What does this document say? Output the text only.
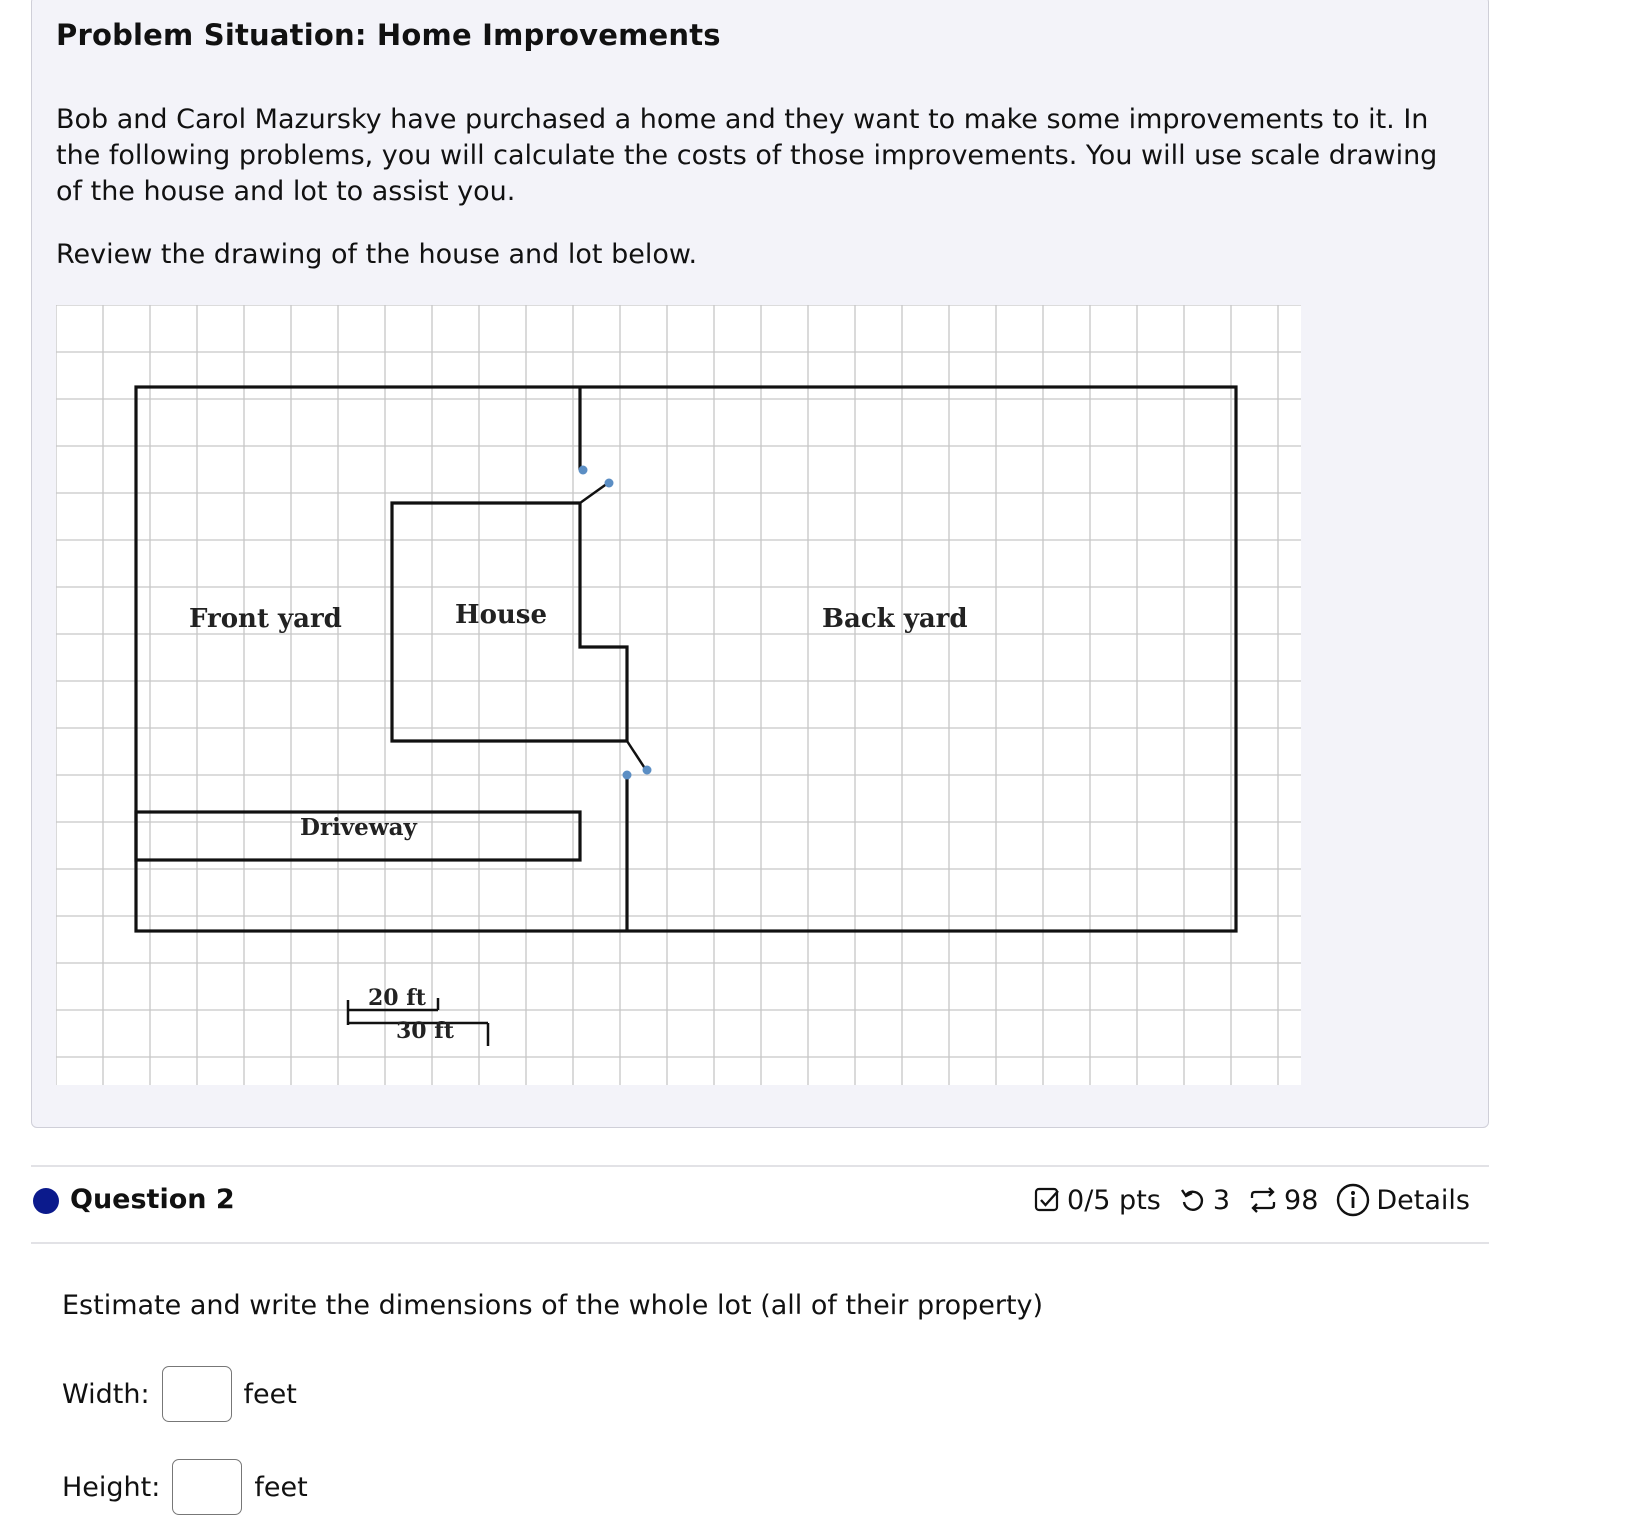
Problem Situation: Home Improvements

Bob and Carol Mazursky have purchased a home and they want to make some improvements to it. In the following problems, you will calculate the costs of those improvements. You will use scale drawing of the house and lot to assist you.

Review the drawing of the house and lot below.

Front yard	House	Back yard
Driveway
20 ft
30 ft
Question 2	0/5 pts 3 98 Details

Estimate and write the dimensions of the whole lot (all of their property)

Width:	feet
Height:	feet
